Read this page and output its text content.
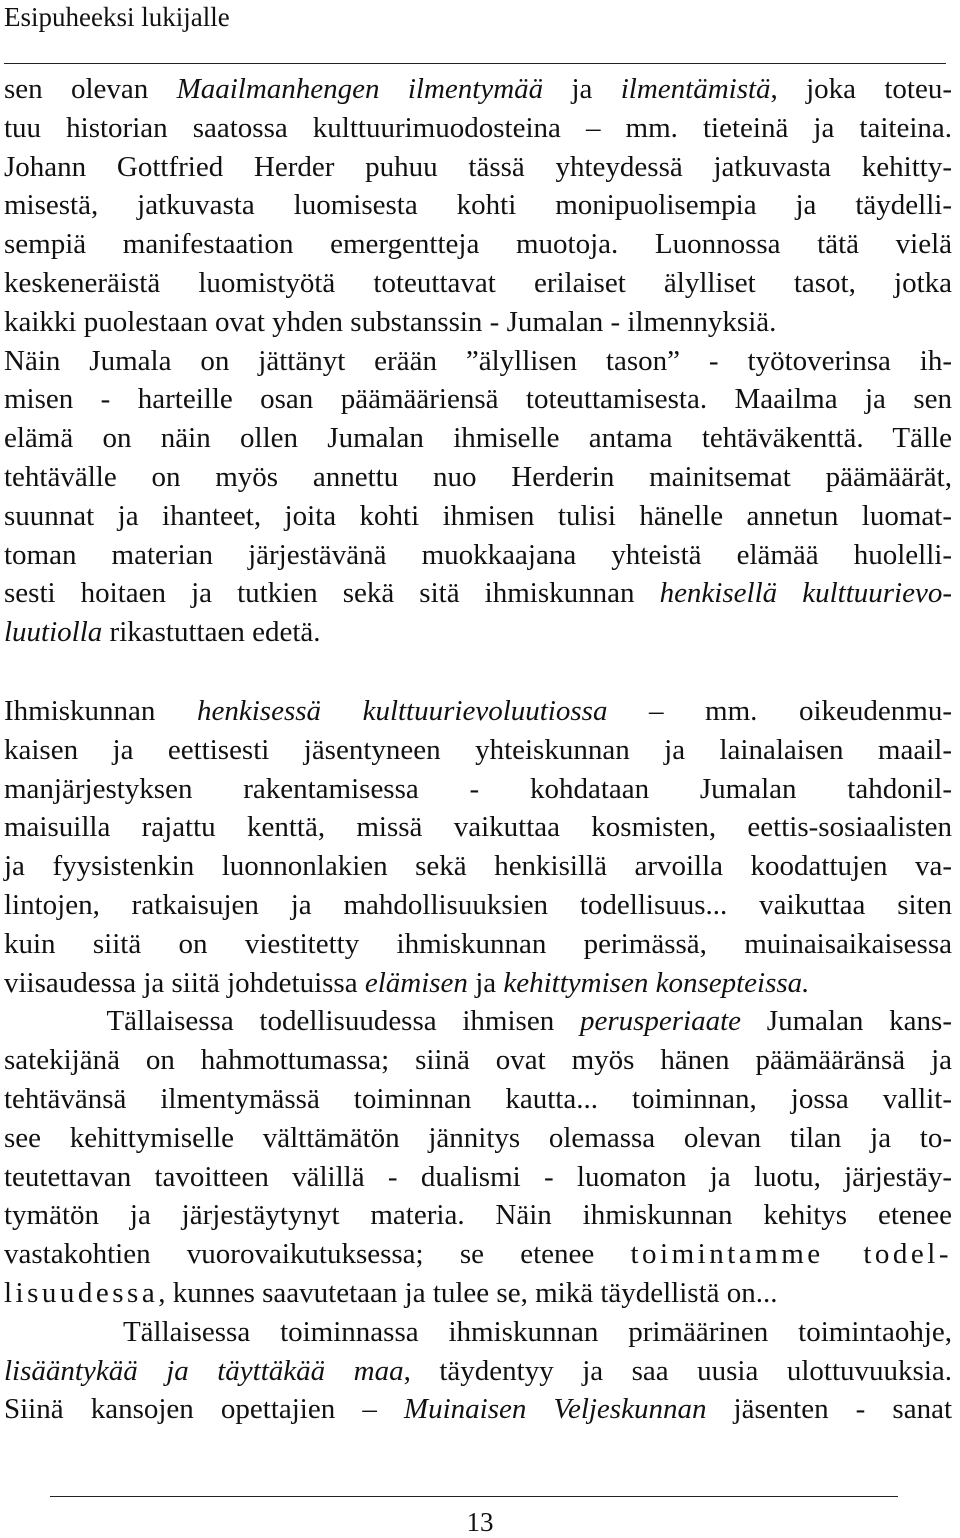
Esipuheeksi lukijalle
sen olevan Maailmanhengen ilmentymää ja ilmentämistä, joka toteu-
tuu historian saatossa kulttuurimuodosteina – mm. tieteinä ja taiteina.
Johann Gottfried Herder puhuu tässä yhteydessä jatkuvasta kehitty-
misestä, jatkuvasta luomisesta kohti monipuolisempia ja täydelli-
sempiä manifestaation emergentteja muotoja. Luonnossa tätä vielä
keskeneräistä luomistyötä toteuttavat erilaiset älylliset tasot, jotka
kaikki puolestaan ovat yhden substanssin - Jumalan - ilmennyksiä.
Näin Jumala on jättänyt erään ”älyllisen tason” - työtoverinsa ih-
misen - harteille osan päämääriensä toteuttamisesta. Maailma ja sen
elämä on näin ollen Jumalan ihmiselle antama tehtäväkenttä. Tälle
tehtävälle on myös annettu nuo Herderin mainitsemat päämäärät,
suunnat ja ihanteet, joita kohti ihmisen tulisi hänelle annetun luomat-
toman materian järjestävänä muokkaajana yhteistä elämää huolelli-
sesti hoitaen ja tutkien sekä sitä ihmiskunnan henkisellä kulttuurievo-
luutiolla rikastuttaen edetä.
Ihmiskunnan henkisessä kulttuurievoluutiossa – mm. oikeudenmu-
kaisen ja eettisesti jäsentyneen yhteiskunnan ja lainalaisen maail-
manjärjestyksen rakentamisessa - kohdataan Jumalan tahdonil-
maisuilla rajattu kenttä, missä vaikuttaa kosmisten, eettis-sosiaalisten
ja fyysistenkin luonnonlakien sekä henkisillä arvoilla koodattujen va-
lintojen, ratkaisujen ja mahdollisuuksien todellisuus... vaikuttaa siten
kuin siitä on viestitetty ihmiskunnan perimässä, muinaisaikaisessa
viisaudessa ja siitä johdetuissa elämisen ja kehittymisen konsepteissa.
Tällaisessa todellisuudessa ihmisen perusperiaate Jumalan kans-
satekijänä on hahmottumassa; siinä ovat myös hänen päämääränsä ja
tehtävänsä ilmentymässä toiminnan kautta... toiminnan, jossa vallit-
see kehittymiselle välttämätön jännitys olemassa olevan tilan ja to-
teutettavan tavoitteen välillä - dualismi - luomaton ja luotu, järjestäy-
tymätön ja järjestäytynyt materia. Näin ihmiskunnan kehitys etenee
vastakohtien vuorovaikutuksessa; se etenee toimintamme todel-
lisuudessa, kunnes saavutetaan ja tulee se, mikä täydellistä on...
Tällaisessa toiminnassa ihmiskunnan primäärinen toimintaohje,
lisääntykää ja täyttäkää maa, täydentyy ja saa uusia ulottuvuuksia.
Siinä kansojen opettajien – Muinaisen Veljeskunnan jäsenten - sanat
13
